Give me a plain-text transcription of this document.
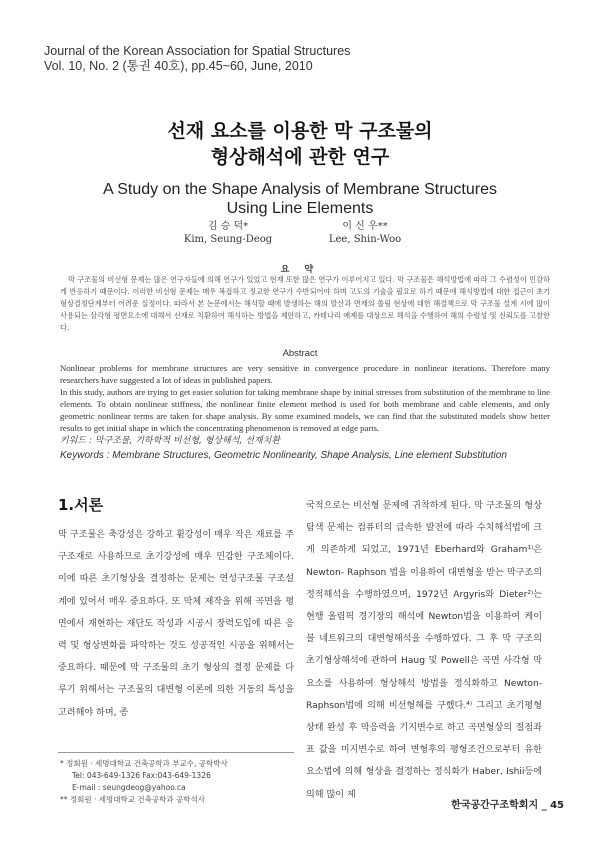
Journal of the Korean Association for Spatial Structures
Vol. 10, No. 2 (통권 40호), pp.45~60, June, 2010
선재 요소를 이용한 막 구조물의
형상해석에 관한 연구
A Study on the Shape Analysis of Membrane Structures
Using Line Elements
김 승 덕*
Kim, Seung-Deog
이 신 우**
Lee, Shin-Woo
요 약
막 구조물의 비선형 문제는 많은 연구자들에 의해 연구가 있었고 현재 또한 많은 연구가 이루어지고 있다. 막 구조물은 해석방법에 따라 그 수렴성이 민감하게 반응하기 때문이다. 이러한 비선형 문제는 매우 복잡하고 정교한 연구가 수반되어야 하며 고도의 기술을 필요로 하기 때문에 해석방법에 대한 접근이 초기형상결정단계부터 어려운 실정이다. 따라서 본 논문에서는 해석할 때에 발생하는 해의 발산과 면재의 쏠림 현상에 대한 해결책으로 막 구조물 설계 시에 많이 사용되는 삼각형 평면요소에 대해서 선재로 치환하여 해석하는 방법을 제안하고, 카테나리 예제를 대상으로 해석을 수행하여 해의 수렴성 및 신뢰도를 고찰한다.
Abstract

Nonlinear problems for membrane structures are very sensitive in convergence procedure in nonlinear iterations. Therefore many researchers have suggested a lot of ideas in published papers.

In this study, authors are trying to get easier solution for taking membrane shape by initial stresses from substitution of the membrane to line elements. To obtain nonlinear stiffness, the nonlinear finite element method is used for both membrane and cable elements, and only geometric nonlinear terms are taken for shape analysis. By some examined models, we can find that the substituted models show better results to get initial shape in which the concentrating phenomenon is removed at edge parts.

키워드 : 막구조물, 기하학적 비선형, 형상해석, 선재치환
Keywords : Membrane Structures, Geometric Nonlinearity, Shape Analysis, Line element Substitution
1.서론
막 구조물은 축강성은 강하고 휨강성이 매우 작은 재료를 주 구조재로 사용하므로 초기강성에 매우 민감한 구조체이다. 이에 따른 초기형상을 결정하는 문제는 연성구조물 구조설계에 있어서 매우 중요하다. 또 막체 제작을 위해 곡면을 평면에서 재현하는 재단도 작성과 시공시 장력도입에 따른 응력 및 형상변화를 파악하는 것도 성공적인 시공을 위해서는 중요하다. 때문에 막 구조물의 초기 형상의 결정 문제를 다루기 위해서는 구조물의 대변형 이론에 의한 거동의 특성을 고려해야 하며, 종
국적으로는 비선형 문제에 귀착하게 된다. 막 구조물의 형상탐색 문제는 컴퓨터의 급속한 발전에 따라 수치해석법에 크게 의존하게 되었고, 1971년 Eberhard와 Graham¹⁾은 Newton- Raphson 법을 이용하여 대변형을 받는 막구조의 정적해석을 수행하였으며, 1972년 Argyris와 Dieter²⁾는 현행 올림픽 경기장의 해석에 Newton법을 이용하여 케이블 네트워크의 대변형해석을 수행하였다. 그 후 막 구조의 초기형상해석에 관하여 Haug 및 Powell은 곡면 사각형 막요소를 사용하여 형상해석 방법을 정식화하고 Newton-Raphson법에 의해 비선형해를 구했다.⁴⁾ 그리고 초기평형상태 완성 후 막응력을 기지변수로 하고 곡면형상의 절점좌표 값을 미지변수로 하여 변형후의 평형조건으로부터 유한요소법에 의해 형상을 결정하는 정식화가 Haber, Ishii등에 의해 많이 제
* 정회원 · 세명대학교 건축공학과 부교수, 공학박사
Tel: 043-649-1326 Fax:043-649-1326
E-mail : seungdeog@yahoo.ca
** 정회원 · 세명대학교 건축공학과 공학석사
한국공간구조학회지 _ 45
